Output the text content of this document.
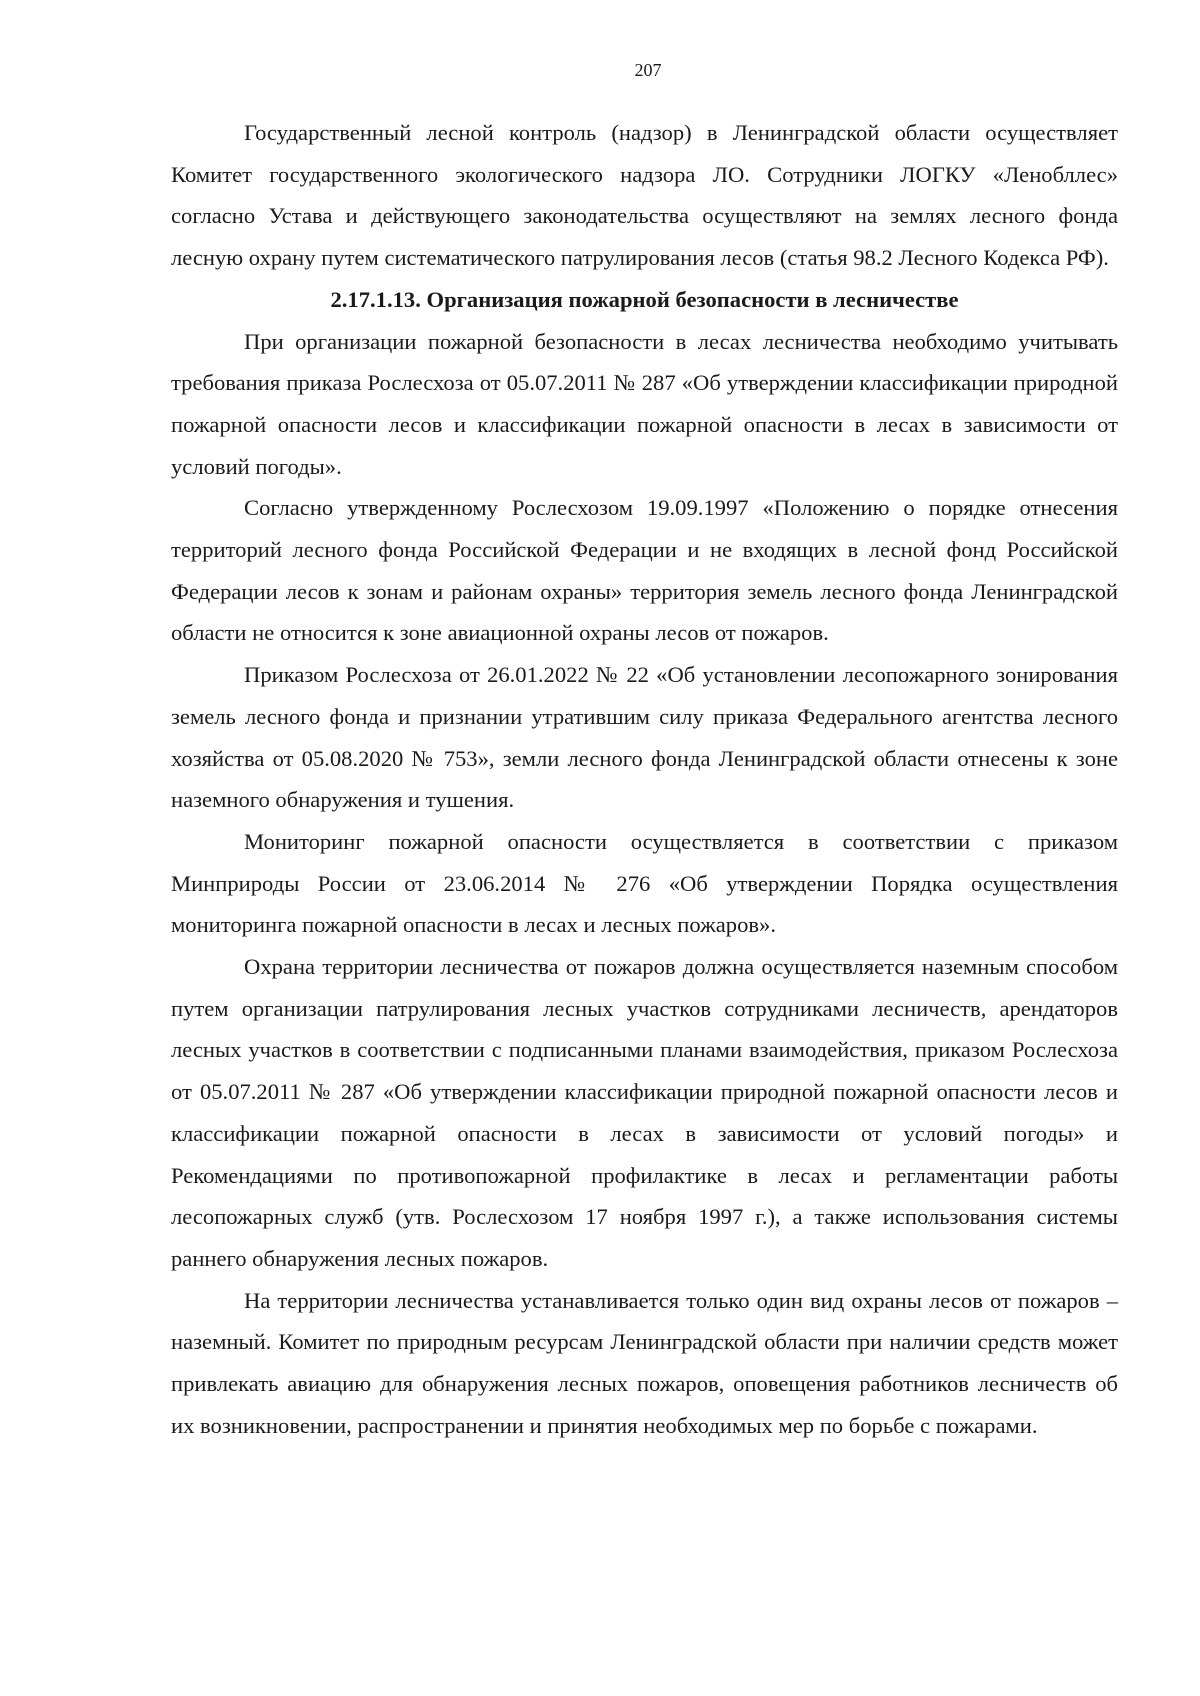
207

Государственный лесной контроль (надзор) в Ленинградской области осуществляет Комитет государственного экологического надзора ЛО. Сотрудники ЛОГКУ «Ленобллес» согласно Устава и действующего законодательства осуществляют на землях лесного фонда лесную охрану путем систематического патрулирования лесов (статья 98.2 Лесного Кодекса РФ).

2.17.1.13. Организация пожарной безопасности в лесничестве

При организации пожарной безопасности в лесах лесничества необходимо учитывать требования приказа Рослесхоза от 05.07.2011 № 287 «Об утверждении классификации природной пожарной опасности лесов и классификации пожарной опасности в лесах в зависимости от условий погоды».

Согласно утвержденному Рослесхозом 19.09.1997 «Положению о порядке отнесения территорий лесного фонда Российской Федерации и не входящих в лесной фонд Российской Федерации лесов к зонам и районам охраны» территория земель лесного фонда Ленинградской области не относится к зоне авиационной охраны лесов от пожаров.

Приказом Рослесхоза от 26.01.2022 № 22 «Об установлении лесопожарного зонирования земель лесного фонда и признании утратившим силу приказа Федерального агентства лесного хозяйства от 05.08.2020 № 753», земли лесного фонда Ленинградской области отнесены к зоне наземного обнаружения и тушения.

Мониторинг пожарной опасности осуществляется в соответствии с приказом Минприроды России от 23.06.2014 № 276 «Об утверждении Порядка осуществления мониторинга пожарной опасности в лесах и лесных пожаров».

Охрана территории лесничества от пожаров должна осуществляется наземным способом путем организации патрулирования лесных участков сотрудниками лесничеств, арендаторов лесных участков в соответствии с подписанными планами взаимодействия, приказом Рослесхоза от 05.07.2011 № 287 «Об утверждении классификации природной пожарной опасности лесов и классификации пожарной опасности в лесах в зависимости от условий погоды» и Рекомендациями по противопожарной профилактике в лесах и регламентации работы лесопожарных служб (утв. Рослесхозом 17 ноября 1997 г.), а также использования системы раннего обнаружения лесных пожаров.

На территории лесничества устанавливается только один вид охраны лесов от пожаров – наземный. Комитет по природным ресурсам Ленинградской области при наличии средств может привлекать авиацию для обнаружения лесных пожаров, оповещения работников лесничеств об их возникновении, распространении и принятия необходимых мер по борьбе с пожарами.
